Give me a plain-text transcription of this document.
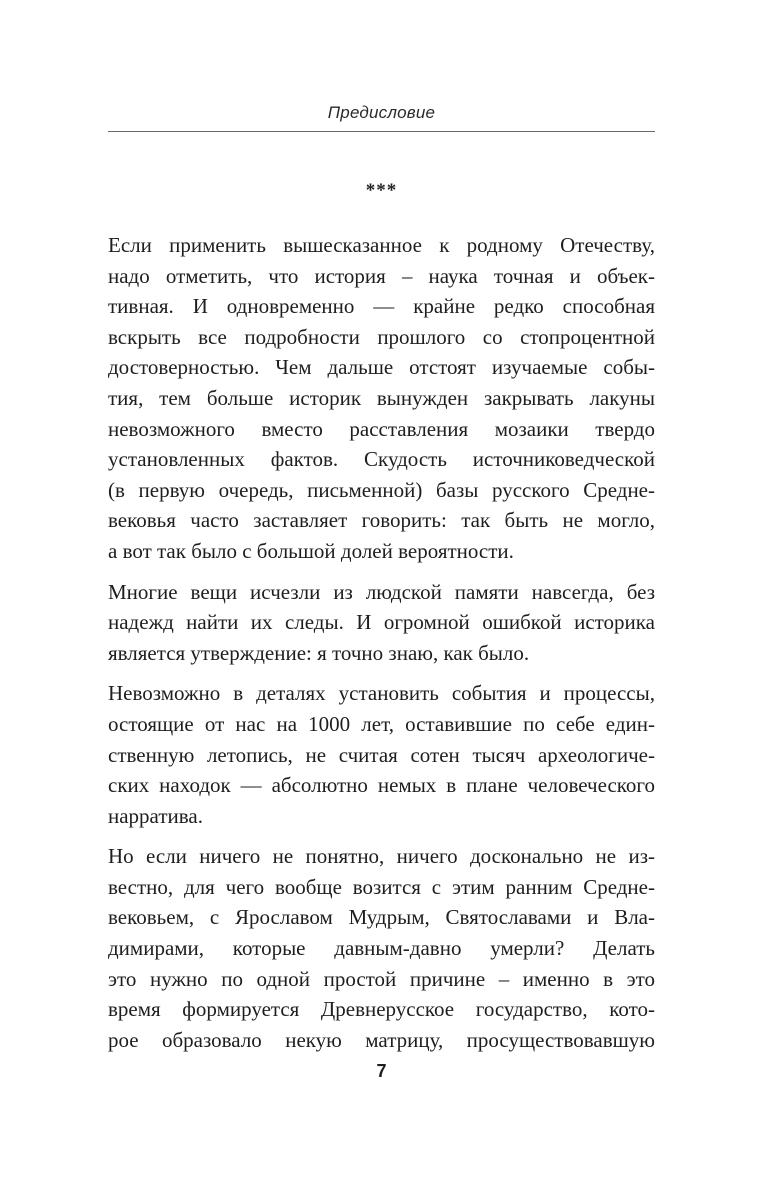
Предисловие
***

Если применить вышесказанное к родному Отечеству,
надо отметить, что история – наука точная и объек-
тивная. И одновременно — крайне редко способная
вскрыть все подробности прошлого со стопроцентной
достоверностью. Чем дальше отстоят изучаемые собы-
тия, тем больше историк вынужден закрывать лакуны
невозможного вместо расставления мозаики твердо
установленных фактов. Скудость источниковедческой
(в первую очередь, письменной) базы русского Средне-
вековья часто заставляет говорить: так быть не могло,
а вот так было с большой долей вероятности.

Многие вещи исчезли из людской памяти навсегда, без
надежд найти их следы. И огромной ошибкой историка
является утверждение: я точно знаю, как было.

Невозможно в деталях установить события и процессы,
остоящие от нас на 1000 лет, оставившие по себе един-
ственную летопись, не считая сотен тысяч археологиче-
ских находок — абсолютно немых в плане человеческого
нарратива.

Но если ничего не понятно, ничего досконально не из-
вестно, для чего вообще возится с этим ранним Средне-
вековьем, с Ярославом Мудрым, Святославами и Вла-
димирами, которые давным-давно умерли? Делать
это нужно по одной простой причине – именно в это
время формируется Древнерусское государство, кото-
рое образовало некую матрицу, просуществовавшую

7
